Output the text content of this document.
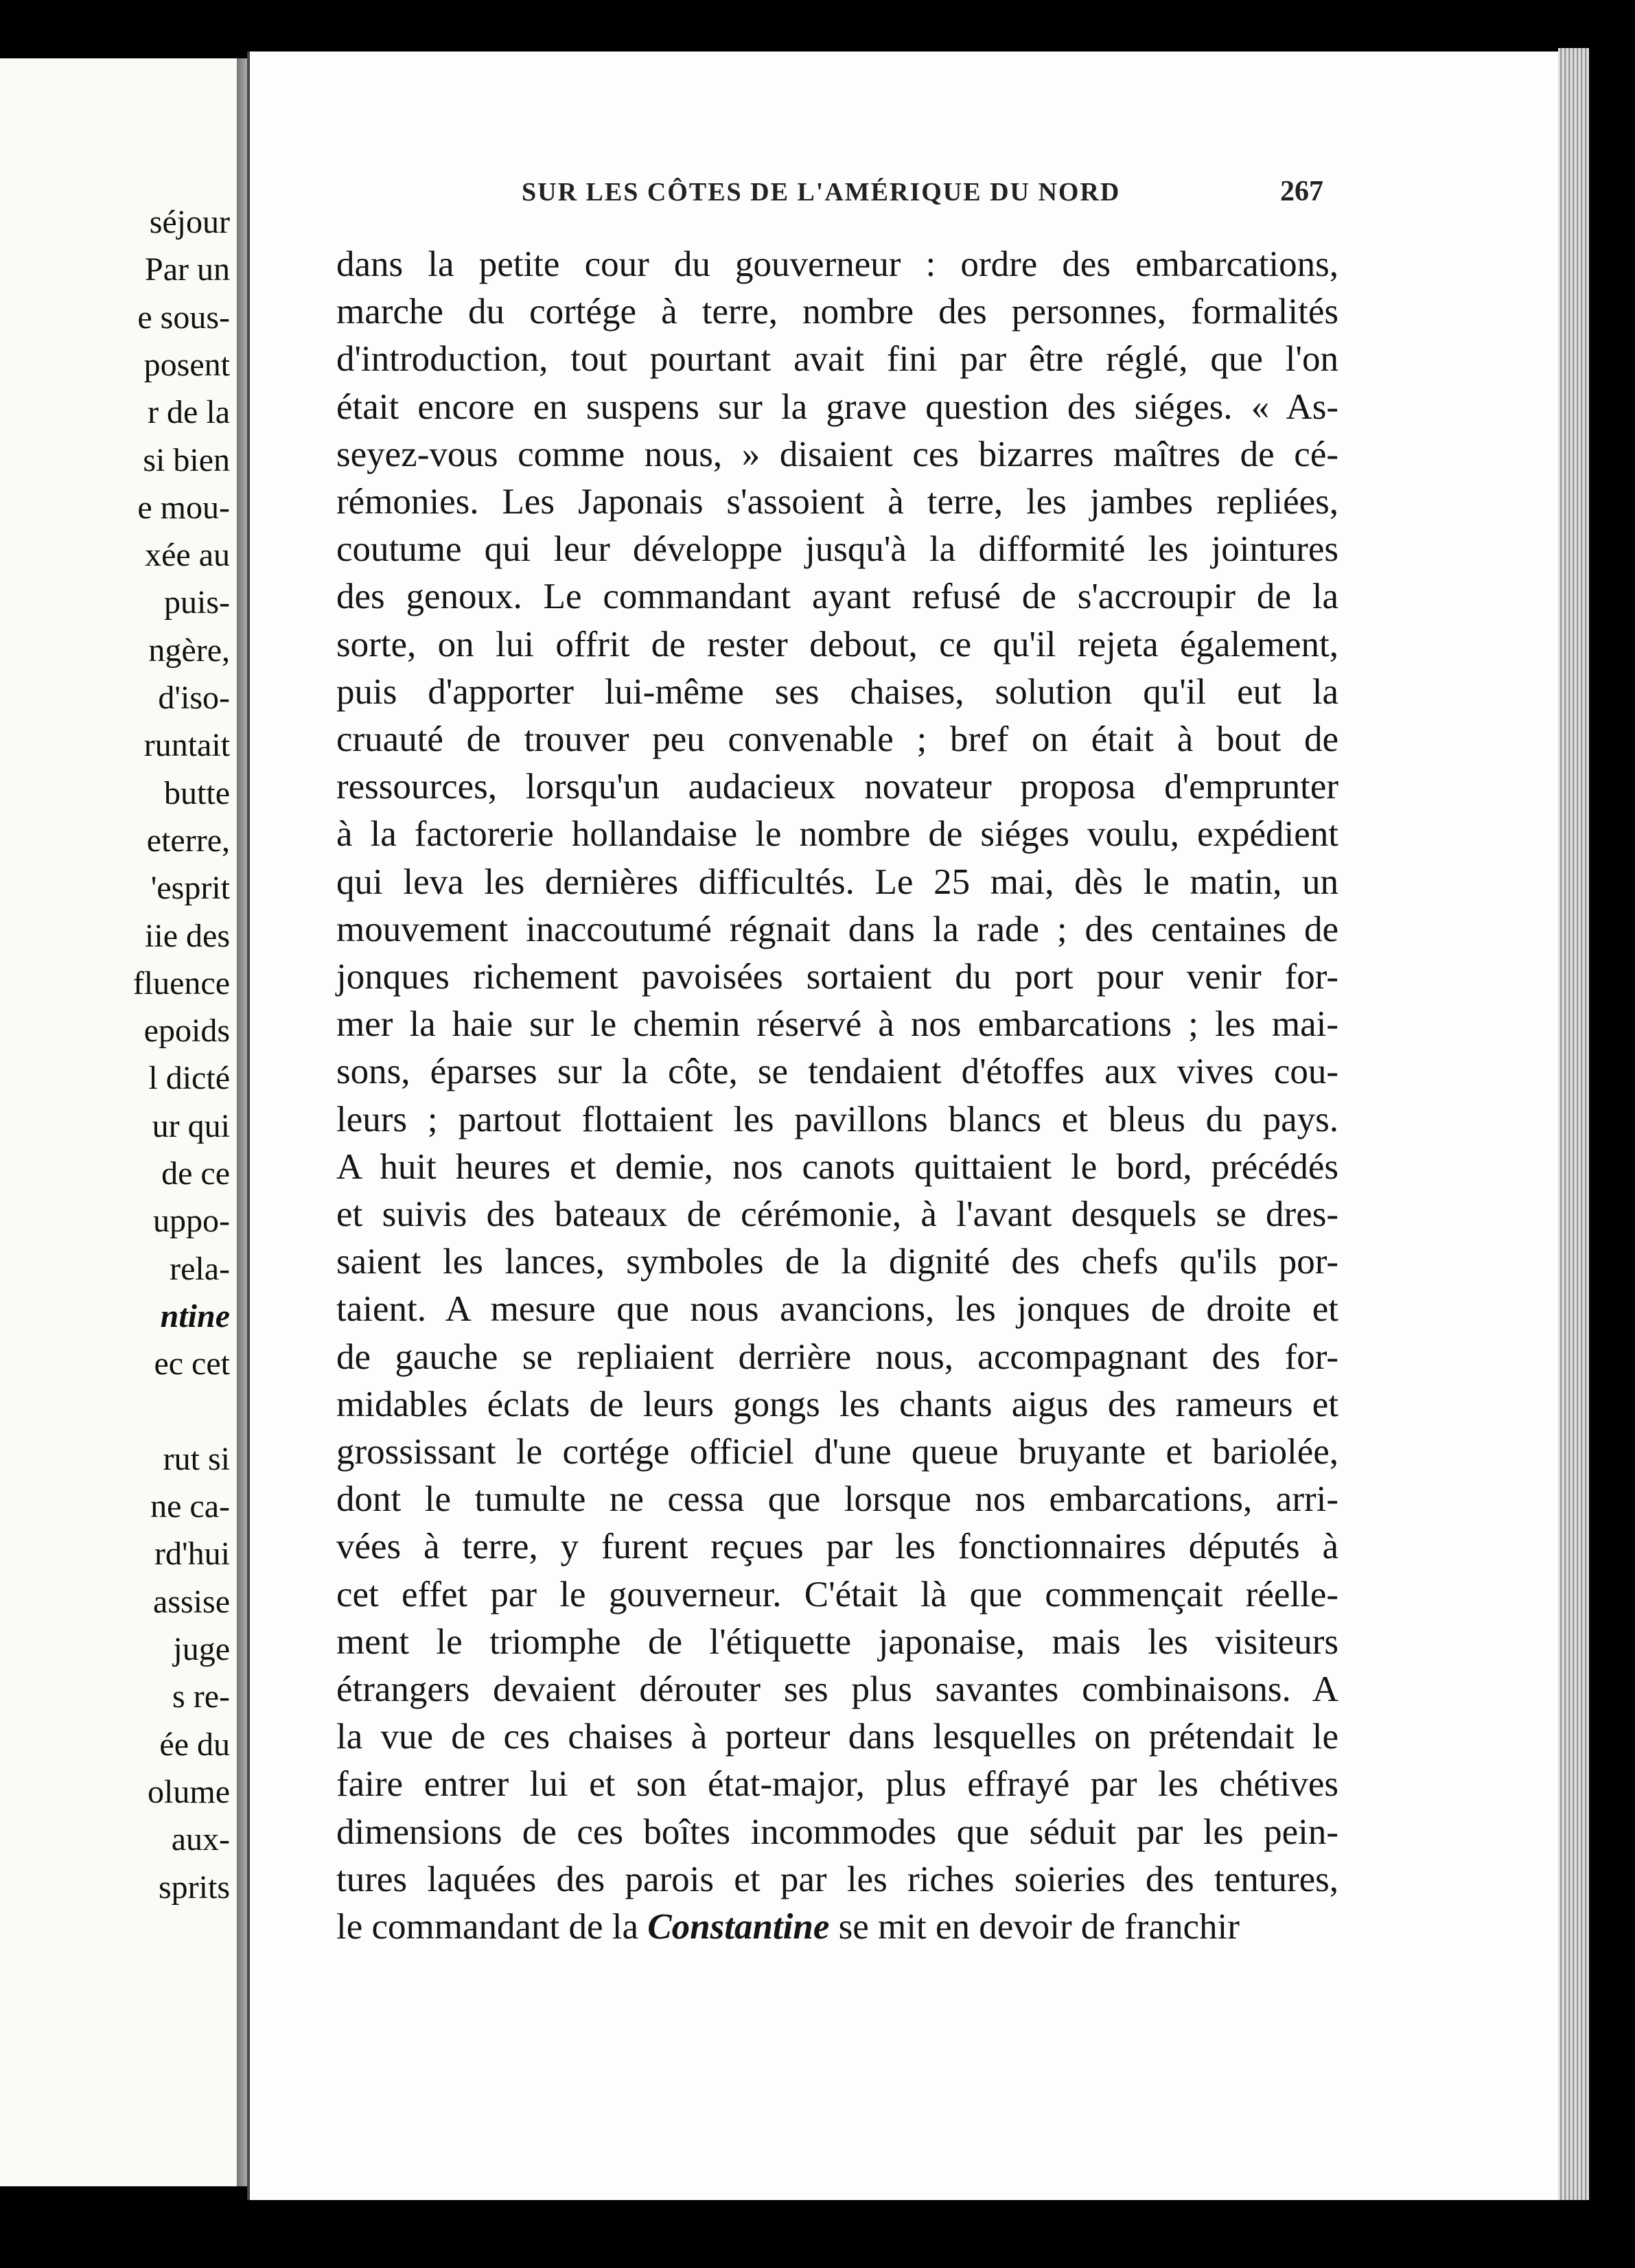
séjour
Par un
e sous-
posent
r de la
si bien
e mou-
xée au
puis-
ngère,
d'iso-
runtait
butte
eterre,
'esprit
iie des
fluence
epoids
l dicté
ur qui
de ce
uppo-
rela-
ntine
ec cet
rut si
ne ca-
rd'hui
assise
juge
s re-
ée du
olume
aux-
sprits
SUR LES CÔTES DE L'AMÉRIQUE DU NORD	267
dans la petite cour du gouverneur : ordre des embarcations,
marche du cortége à terre, nombre des personnes, formalités
d'introduction, tout pourtant avait fini par être réglé, que l'on
était encore en suspens sur la grave question des siéges. « As-
seyez-vous comme nous, » disaient ces bizarres maîtres de cé-
rémonies. Les Japonais s'assoient à terre, les jambes repliées,
coutume qui leur développe jusqu'à la difformité les jointures
des genoux. Le commandant ayant refusé de s'accroupir de la
sorte, on lui offrit de rester debout, ce qu'il rejeta également,
puis d'apporter lui-même ses chaises, solution qu'il eut la
cruauté de trouver peu convenable ; bref on était à bout de
ressources, lorsqu'un audacieux novateur proposa d'emprunter
à la factorerie hollandaise le nombre de siéges voulu, expédient
qui leva les dernières difficultés. Le 25 mai, dès le matin, un
mouvement inaccoutumé régnait dans la rade ; des centaines de
jonques richement pavoisées sortaient du port pour venir for-
mer la haie sur le chemin réservé à nos embarcations ; les mai-
sons, éparses sur la côte, se tendaient d'étoffes aux vives cou-
leurs ; partout flottaient les pavillons blancs et bleus du pays.
A huit heures et demie, nos canots quittaient le bord, précédés
et suivis des bateaux de cérémonie, à l'avant desquels se dres-
saient les lances, symboles de la dignité des chefs qu'ils por-
taient. A mesure que nous avancions, les jonques de droite et
de gauche se repliaient derrière nous, accompagnant des for-
midables éclats de leurs gongs les chants aigus des rameurs et
grossissant le cortége officiel d'une queue bruyante et bariolée,
dont le tumulte ne cessa que lorsque nos embarcations, arri-
vées à terre, y furent reçues par les fonctionnaires députés à
cet effet par le gouverneur. C'était là que commençait réelle-
ment le triomphe de l'étiquette japonaise, mais les visiteurs
étrangers devaient dérouter ses plus savantes combinaisons. A
la vue de ces chaises à porteur dans lesquelles on prétendait le
faire entrer lui et son état-major, plus effrayé par les chétives
dimensions de ces boîtes incommodes que séduit par les pein-
tures laquées des parois et par les riches soieries des tentures,
le commandant de la Constantine se mit en devoir de franchir
